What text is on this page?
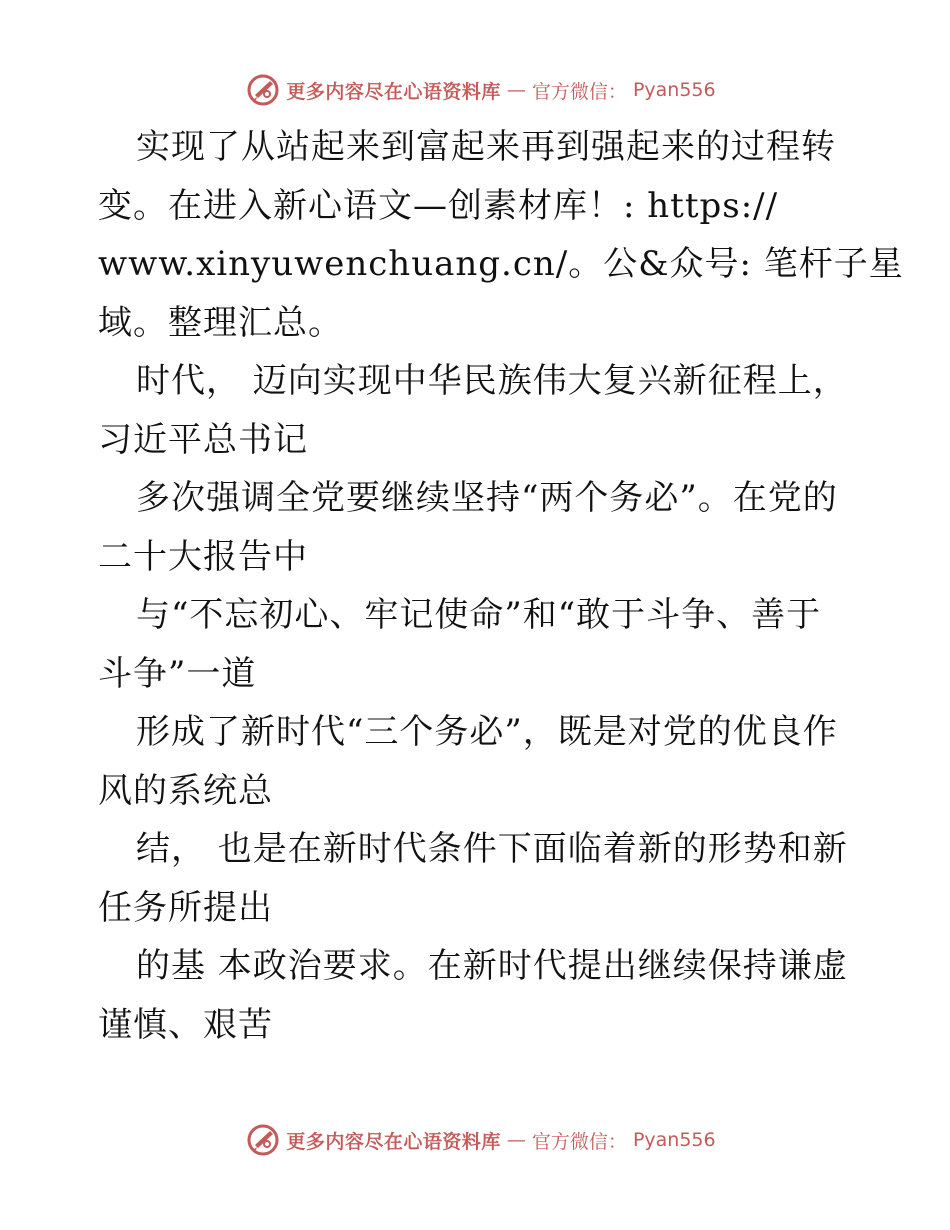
更多内容尽在心语资料库 — 官方微信： Pyan556
实现了从站起来到富起来再到强起来的过程转
变。在进入新心语文—创素材库！: https://
www.xinyuwenchuang.cn/。公&众号: 笔杆子星
域。整理汇总。
时代， 迈向实现中华民族伟大复兴新征程上，
习近平总书记
多次强调全党要继续坚持“两个务必”。在党的
二十大报告中
与“不忘初心、牢记使命”和“敢于斗争、善于
斗争”一道
形成了新时代“三个务必”，既是对党的优良作
风的系统总
结， 也是在新时代条件下面临着新的形势和新
任务所提出
的基 本政治要求。在新时代提出继续保持谦虚
谨慎、艰苦
更多内容尽在心语资料库 — 官方微信： Pyan556
